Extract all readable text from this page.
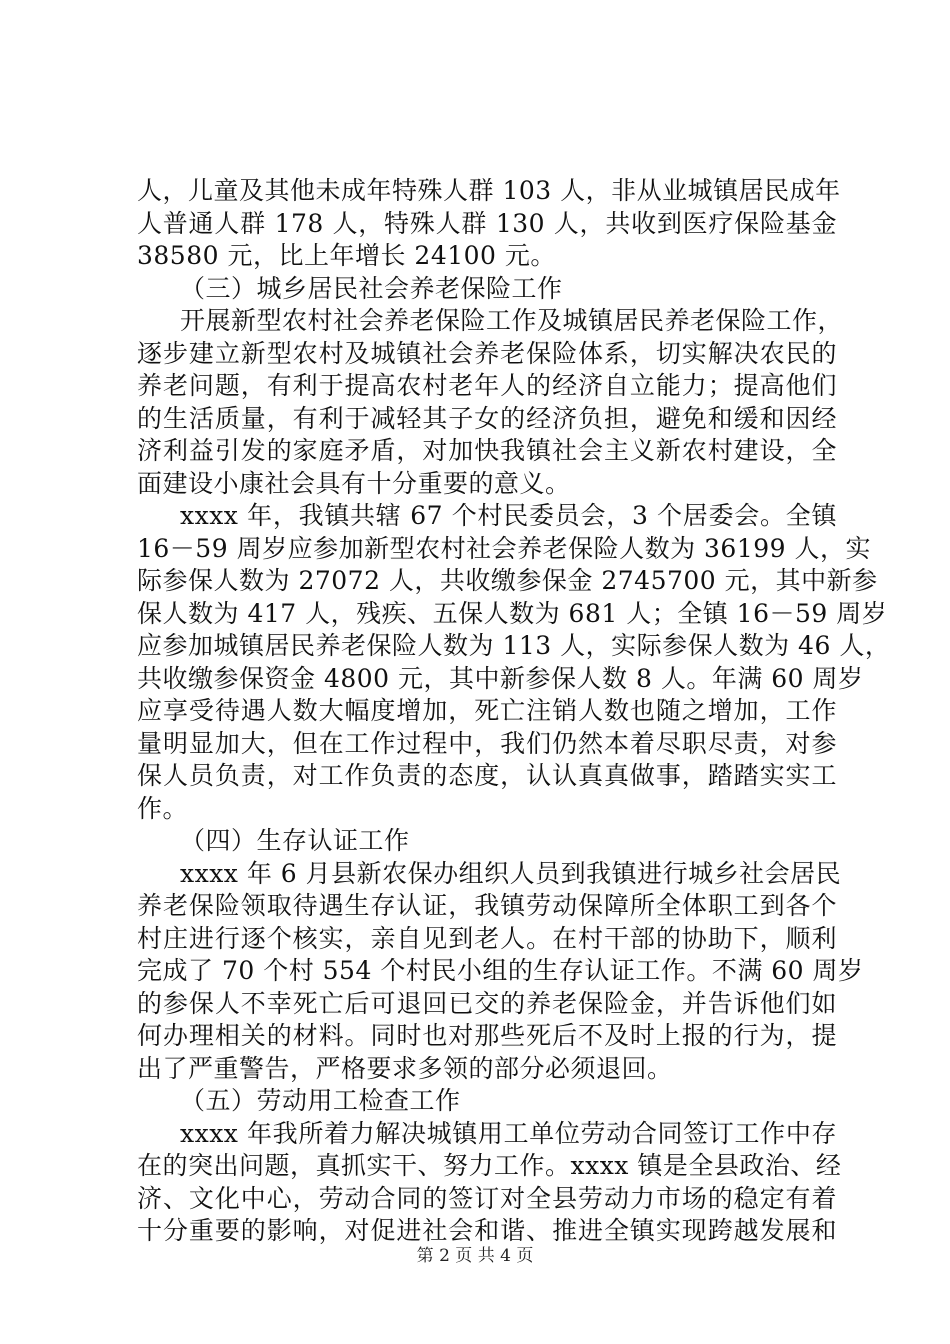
人，儿童及其他未成年特殊人群 103 人，非从业城镇居民成年
人普通人群 178 人，特殊人群 130 人，共收到医疗保险基金
38580 元，比上年增长 24100 元。
（三）城乡居民社会养老保险工作
开展新型农村社会养老保险工作及城镇居民养老保险工作，
逐步建立新型农村及城镇社会养老保险体系，切实解决农民的
养老问题，有利于提高农村老年人的经济自立能力；提高他们
的生活质量，有利于减轻其子女的经济负担，避免和缓和因经
济利益引发的家庭矛盾，对加快我镇社会主义新农村建设，全
面建设小康社会具有十分重要的意义。
xxxx 年，我镇共辖 67 个村民委员会，3 个居委会。全镇
16－59 周岁应参加新型农村社会养老保险人数为 36199 人，实
际参保人数为 27072 人，共收缴参保金 2745700 元，其中新参
保人数为 417 人，残疾、五保人数为 681 人；全镇 16－59 周岁
应参加城镇居民养老保险人数为 113 人，实际参保人数为 46 人，
共收缴参保资金 4800 元，其中新参保人数 8 人。年满 60 周岁
应享受待遇人数大幅度增加，死亡注销人数也随之增加，工作
量明显加大，但在工作过程中，我们仍然本着尽职尽责，对参
保人员负责，对工作负责的态度，认认真真做事，踏踏实实工
作。
（四）生存认证工作
xxxx 年 6 月县新农保办组织人员到我镇进行城乡社会居民
养老保险领取待遇生存认证，我镇劳动保障所全体职工到各个
村庄进行逐个核实，亲自见到老人。在村干部的协助下，顺利
完成了 70 个村 554 个村民小组的生存认证工作。不满 60 周岁
的参保人不幸死亡后可退回已交的养老保险金，并告诉他们如
何办理相关的材料。同时也对那些死后不及时上报的行为，提
出了严重警告，严格要求多领的部分必须退回。
（五）劳动用工检查工作
xxxx 年我所着力解决城镇用工单位劳动合同签订工作中存
在的突出问题，真抓实干、努力工作。xxxx 镇是全县政治、经
济、文化中心，劳动合同的签订对全县劳动力市场的稳定有着
十分重要的影响，对促进社会和谐、推进全镇实现跨越发展和
第 2 页 共 4 页
